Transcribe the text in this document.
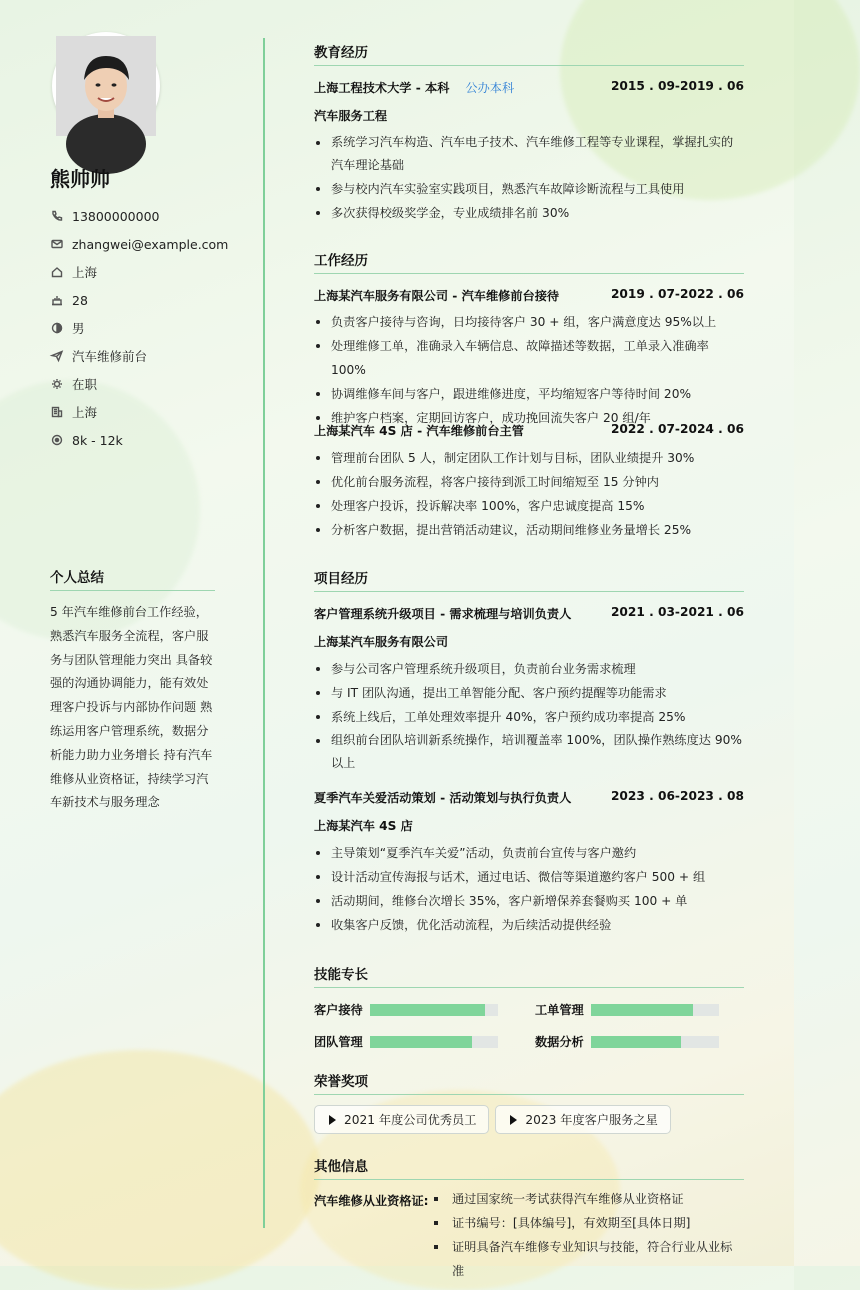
熊帅帅
13800000000
zhangwei@example.com
上海
28
男
汽车维修前台
在职
上海
8k - 12k
个人总结
5 年汽车维修前台工作经验，熟悉汽车服务全流程，客户服务与团队管理能力突出 具备较强的沟通协调能力，能有效处理客户投诉与内部协作问题 熟练运用客户管理系统，数据分析能力助力业务增长 持有汽车维修从业资格证，持续学习汽车新技术与服务理念
教育经历
上海工程技术大学 - 本科 公办本科	2015 . 09-2019 . 06
汽车服务工程
系统学习汽车构造、汽车电子技术、汽车维修工程等专业课程，掌握扎实的汽车理论基础
参与校内汽车实验室实践项目，熟悉汽车故障诊断流程与工具使用
多次获得校级奖学金，专业成绩排名前 30%
工作经历
上海某汽车服务有限公司 - 汽车维修前台接待	2019 . 07-2022 . 06
负责客户接待与咨询，日均接待客户 30 + 组，客户满意度达 95%以上
处理维修工单，准确录入车辆信息、故障描述等数据，工单录入准确率 100%
协调维修车间与客户，跟进维修进度，平均缩短客户等待时间 20%
维护客户档案，定期回访客户，成功挽回流失客户 20 组/年
上海某汽车 4S 店 - 汽车维修前台主管	2022 . 07-2024 . 06
管理前台团队 5 人，制定团队工作计划与目标，团队业绩提升 30%
优化前台服务流程，将客户接待到派工时间缩短至 15 分钟内
处理客户投诉，投诉解决率 100%，客户忠诚度提高 15%
分析客户数据，提出营销活动建议，活动期间维修业务量增长 25%
项目经历
客户管理系统升级项目 - 需求梳理与培训负责人	2021 . 03-2021 . 06
上海某汽车服务有限公司
参与公司客户管理系统升级项目，负责前台业务需求梳理
与 IT 团队沟通，提出工单智能分配、客户预约提醒等功能需求
系统上线后，工单处理效率提升 40%，客户预约成功率提高 25%
组织前台团队培训新系统操作，培训覆盖率 100%，团队操作熟练度达 90%以上
夏季汽车关爱活动策划 - 活动策划与执行负责人	2023 . 06-2023 . 08
上海某汽车 4S 店
主导策划“夏季汽车关爱”活动，负责前台宣传与客户邀约
设计活动宣传海报与话术，通过电话、微信等渠道邀约客户 500 + 组
活动期间，维修台次增长 35%，客户新增保养套餐购买 100 + 单
收集客户反馈，优化活动流程，为后续活动提供经验
技能专长
客户接待	工单管理
团队管理	数据分析
荣誉奖项
2021 年度公司优秀员工	2023 年度客户服务之星
其他信息
汽车维修从业资格证:	通过国家统一考试获得汽车维修从业资格证
证书编号：[具体编号]，有效期至[具体日期]
证明具备汽车维修专业知识与技能，符合行业从业标准
